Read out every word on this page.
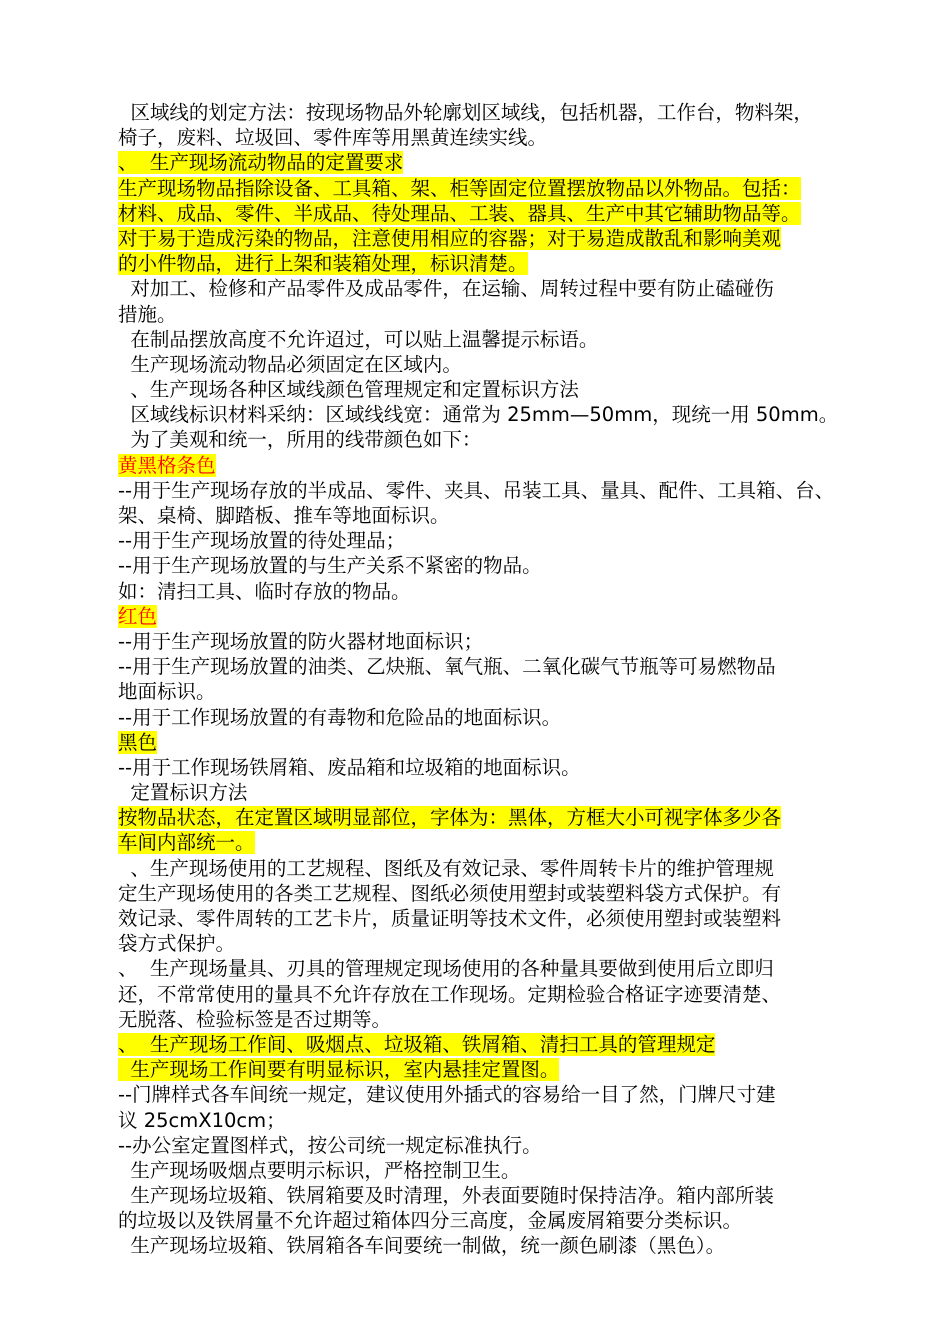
区域线的划定方法：按现场物品外轮廓划区域线，包括机器，工作台，物料架，
椅子，废料、垃圾回、零件库等用黑黄连续实线。
、  生产现场流动物品的定置要求
生产现场物品指除设备、工具箱、架、柜等固定位置摆放物品以外物品。包括：
材料、成品、零件、半成品、待处理品、工装、器具、生产中其它辅助物品等。
对于易于造成污染的物品，注意使用相应的容器；对于易造成散乱和影响美观
的小件物品，进行上架和装箱处理，标识清楚。
对加工、检修和产品零件及成品零件，在运输、周转过程中要有防止磕碰伤
措施。
在制品摆放高度不允许迢过，可以贴上温馨提示标语。
生产现场流动物品必须固定在区域内。
、生产现场各种区域线颜色管理规定和定置标识方法
区域线标识材料采纳：区域线线宽：通常为 25mm—50mm，现统一用 50mm。
为了美观和统一，所用的线带颜色如下：
黄黑格条色
--用于生产现场存放的半成品、零件、夹具、吊装工具、量具、配件、工具箱、台、
架、桌椅、脚踏板、推车等地面标识。
--用于生产现场放置的待处理品；
--用于生产现场放置的与生产关系不紧密的物品。
如：清扫工具、临时存放的物品。
红色
--用于生产现场放置的防火器材地面标识；
--用于生产现场放置的油类、乙炔瓶、氧气瓶、二氧化碳气节瓶等可易燃物品
地面标识。
--用于工作现场放置的有毒物和危险品的地面标识。
黑色
--用于工作现场铁屑箱、废品箱和垃圾箱的地面标识。
定置标识方法
按物品状态，在定置区域明显部位，字体为：黑体，方框大小可视字体多少各
车间内部统一。
、生产现场使用的工艺规程、图纸及有效记录、零件周转卡片的维护管理规
定生产现场使用的各类工艺规程、图纸必须使用塑封或装塑料袋方式保护。有
效记录、零件周转的工艺卡片，质量证明等技术文件，必须使用塑封或装塑料
袋方式保护。
、  生产现场量具、刃具的管理规定现场使用的各种量具要做到使用后立即归
还，不常常使用的量具不允许存放在工作现场。定期检验合格证字迹要清楚、
无脱落、检验标签是否过期等。
、  生产现场工作间、吸烟点、垃圾箱、铁屑箱、清扫工具的管理规定
生产现场工作间要有明显标识，室内悬挂定置图。
--门牌样式各车间统一规定，建议使用外插式的容易给一目了然，门牌尺寸建
议 25cmX10cm；
--办公室定置图样式，按公司统一规定标准执行。
生产现场吸烟点要明示标识，严格控制卫生。
生产现场垃圾箱、铁屑箱要及时清理，外表面要随时保持洁净。箱内部所装
的垃圾以及铁屑量不允许超过箱体四分三高度，金属废屑箱要分类标识。
生产现场垃圾箱、铁屑箱各车间要统一制做，统一颜色刷漆（黑色）。
